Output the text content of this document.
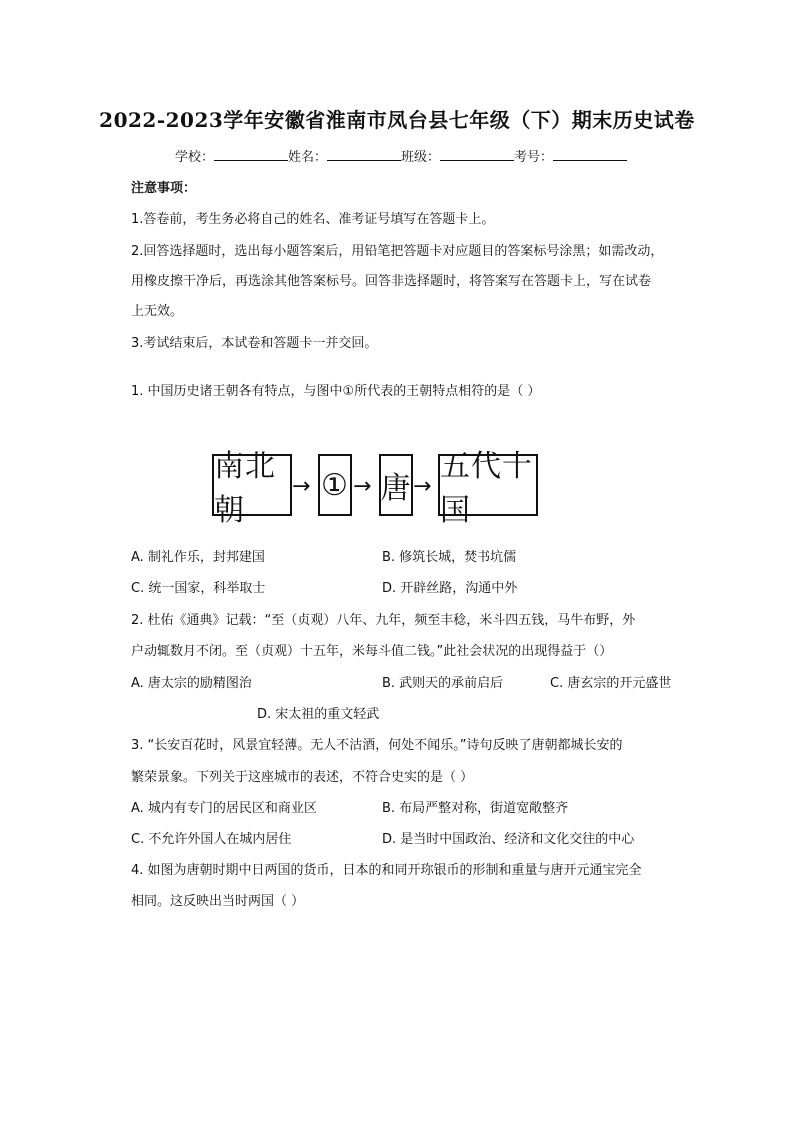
2022-2023学年安徽省淮南市凤台县七年级（下）期末历史试卷
学校：	姓名：	班级：	考号：
注意事项：
1.答卷前，考生务必将自己的姓名、准考证号填写在答题卡上。
2.回答选择题时，选出每小题答案后，用铅笔把答题卡对应题目的答案标号涂黑；如需改动，
用橡皮擦干净后，再选涂其他答案标号。回答非选择题时，将答案写在答题卡上，写在试卷
上无效。
3.考试结束后，本试卷和答题卡一并交回。
1. 中国历史诸王朝各有特点，与图中①所代表的王朝特点相符的是（ ）
南北朝
→ ① → 唐 →
五代十国
A. 制礼作乐，封邦建国	B. 修筑长城，焚书坑儒
C. 统一国家，科举取士	D. 开辟丝路，沟通中外
2. 杜佑《通典》记载：“至（贞观）八年、九年，频至丰稔，米斗四五钱，马牛布野，外
户动辄数月不闭。至（贞观）十五年，米每斗值二钱。”此社会状况的出现得益于（）
A. 唐太宗的励精图治	B. 武则天的承前启后	C. 唐玄宗的开元盛世
D. 宋太祖的重文轻武
3. “长安百花时，风景宜轻薄。无人不沽酒，何处不闻乐。”诗句反映了唐朝都城长安的
繁荣景象。下列关于这座城市的表述，不符合史实的是（ ）
A. 城内有专门的居民区和商业区	B. 布局严整对称，街道宽敞整齐
C. 不允许外国人在城内居住	D. 是当时中国政治、经济和文化交往的中心
4. 如图为唐朝时期中日两国的货币，日本的和同开珎银币的形制和重量与唐开元通宝完全
相同。这反映出当时两国（ ）
